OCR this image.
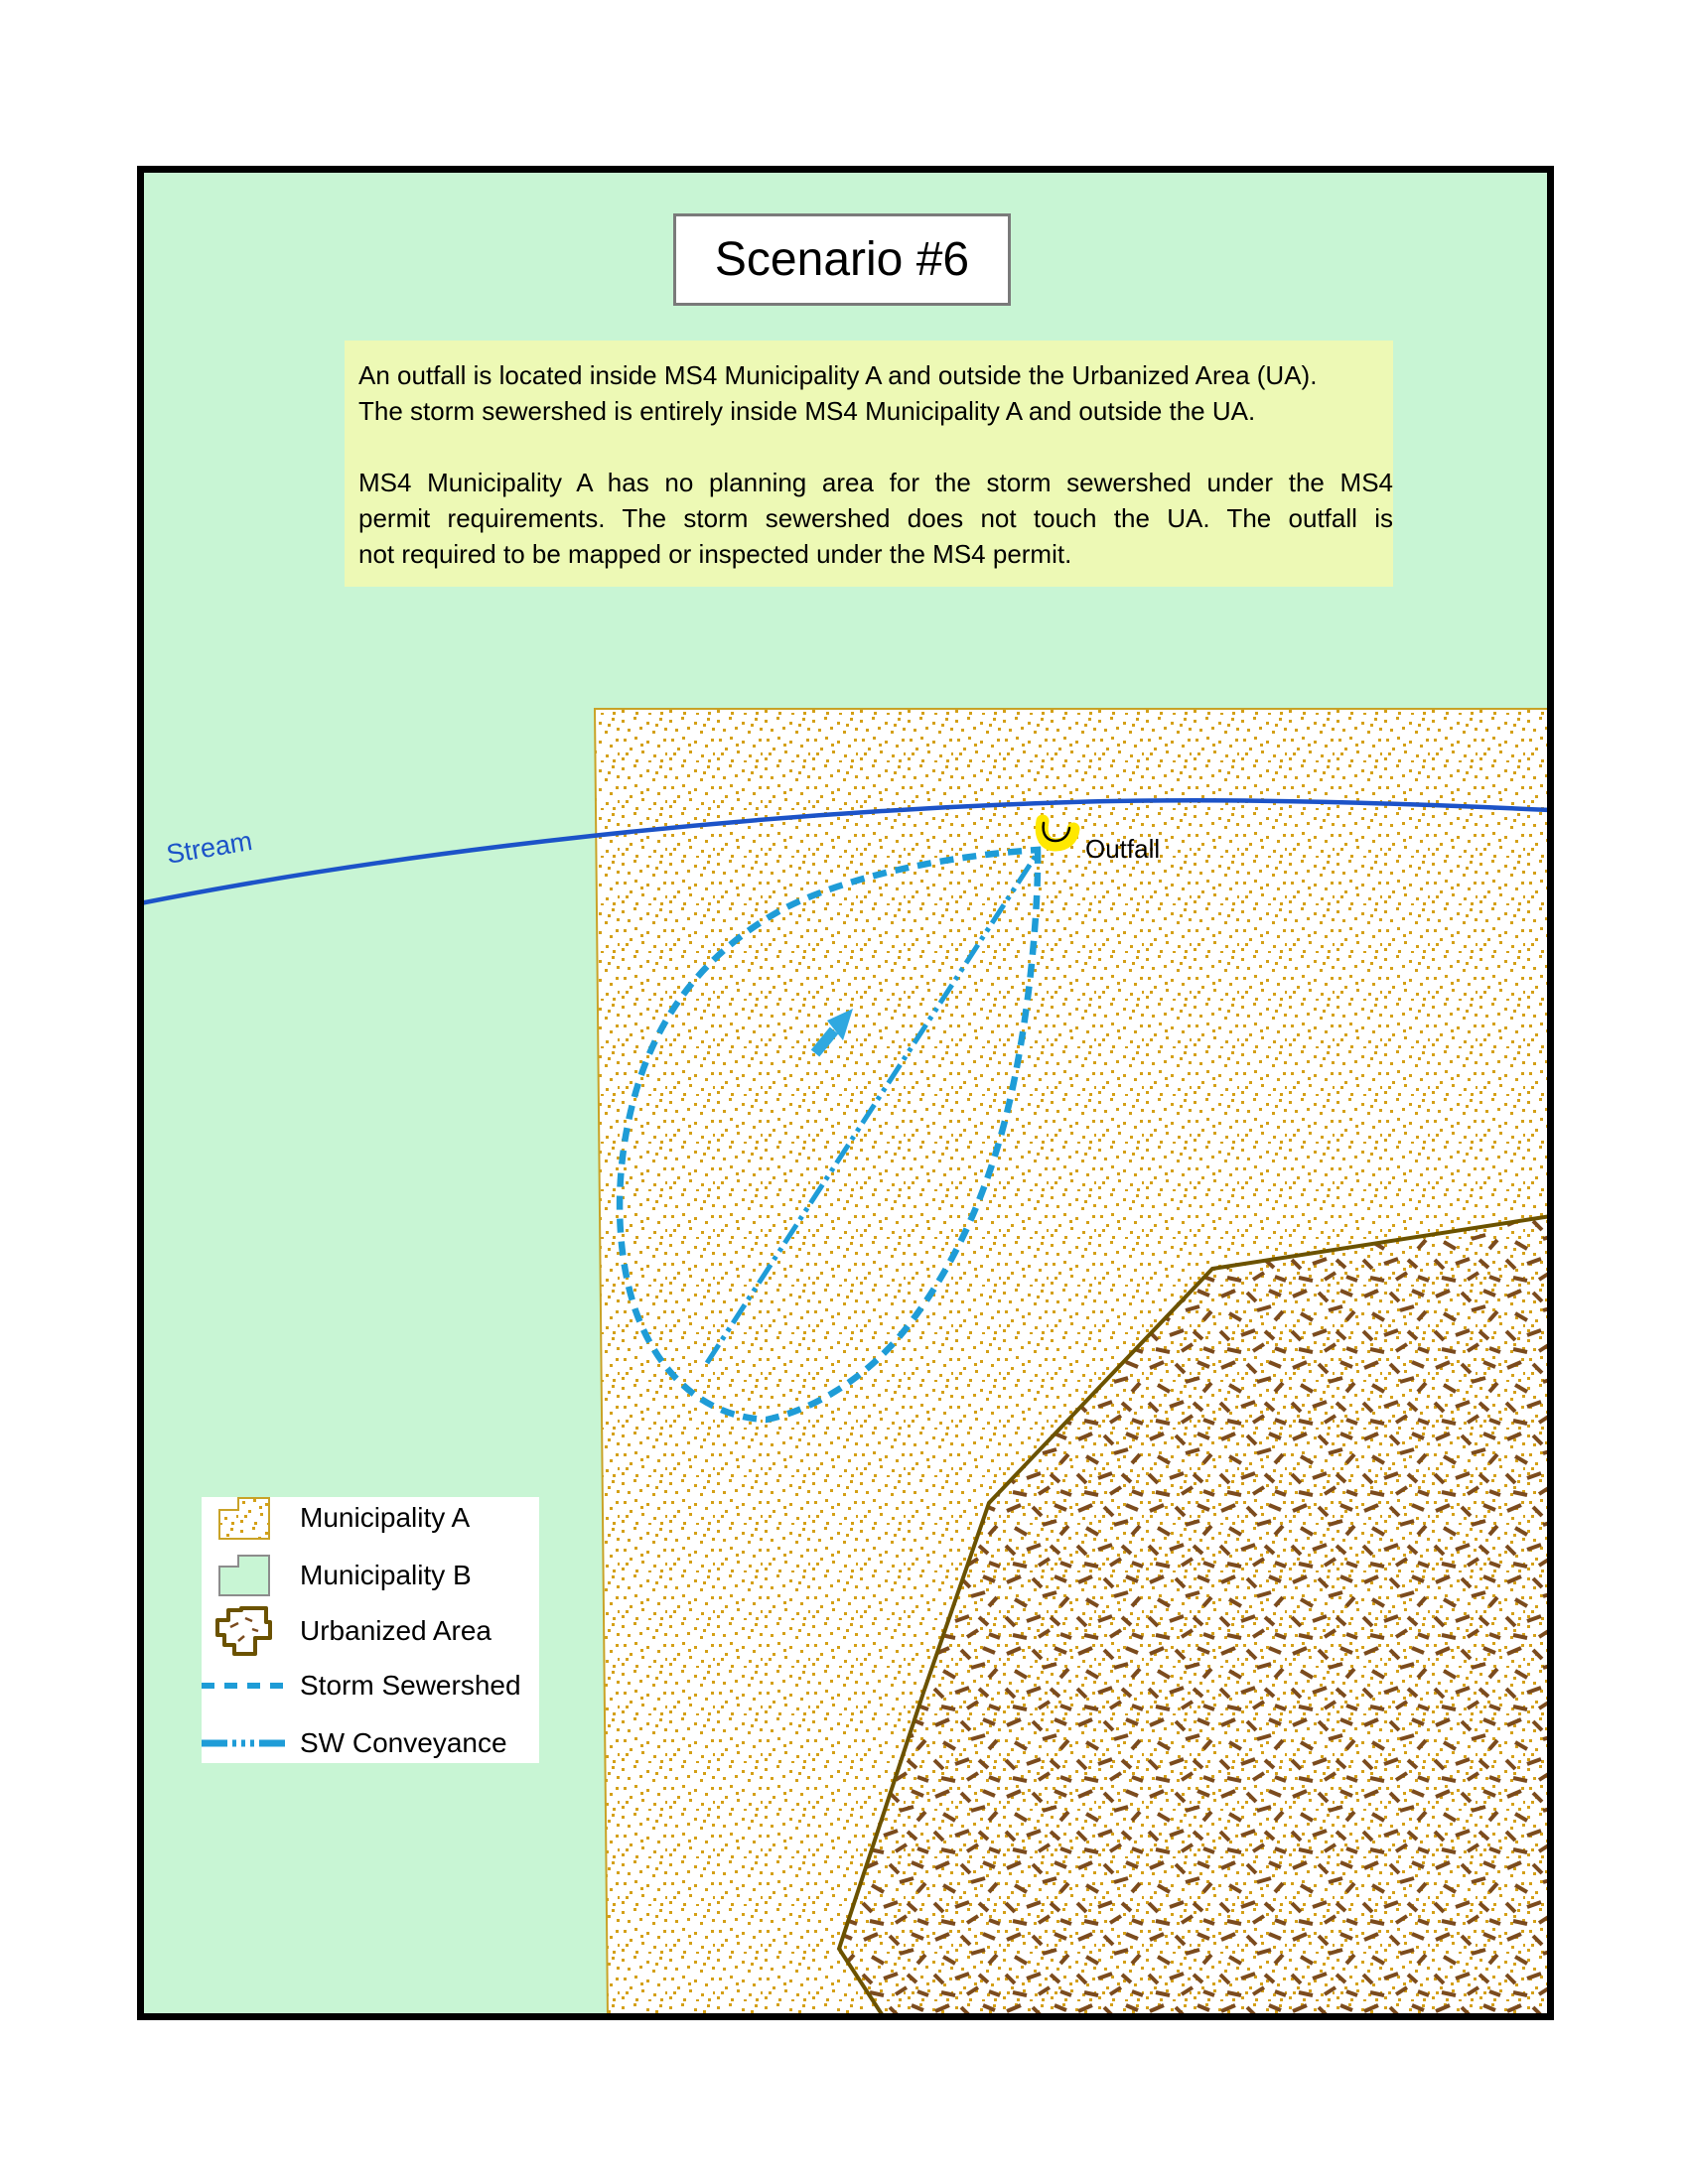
Scenario #6
An outfall is located inside MS4 Municipality A and outside the Urbanized Area (UA).
The storm sewershed is entirely inside MS4 Municipality A and outside the UA.
MS4 Municipality A has no planning area for the storm sewershed under the MS4
permit requirements. The storm sewershed does not touch the UA. The outfall is
not required to be mapped or inspected under the MS4 permit.
Stream	Outfall
Municipality A
Municipality B
Urbanized Area
Storm Sewershed
SW Conveyance
